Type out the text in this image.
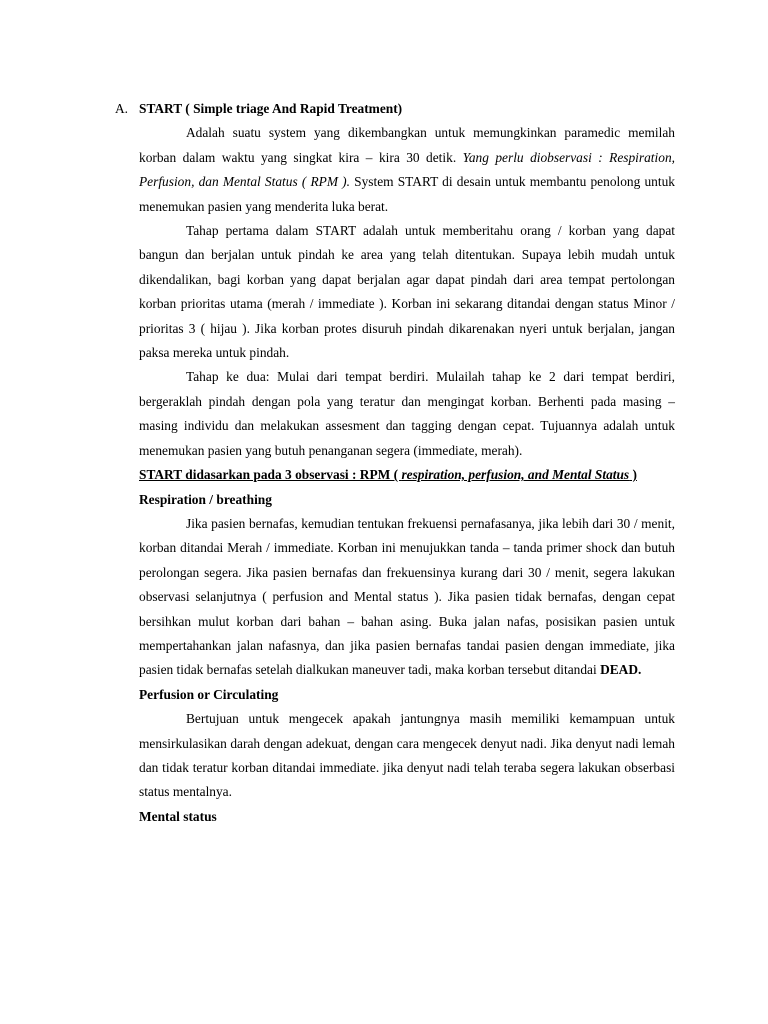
A. START ( Simple triage And Rapid Treatment)

Adalah suatu system yang dikembangkan untuk memungkinkan paramedic memilah korban dalam waktu yang singkat kira – kira 30 detik. Yang perlu diobservasi : Respiration, Perfusion, dan Mental Status ( RPM ). System START di desain untuk membantu penolong untuk menemukan pasien yang menderita luka berat.

Tahap pertama dalam START adalah untuk memberitahu orang / korban yang dapat bangun dan berjalan untuk pindah ke area yang telah ditentukan. Supaya lebih mudah untuk dikendalikan, bagi korban yang dapat berjalan agar dapat pindah dari area tempat pertolongan korban prioritas utama (merah / immediate ). Korban ini sekarang ditandai dengan status Minor / prioritas 3 ( hijau ). Jika korban protes disuruh pindah dikarenakan nyeri untuk berjalan, jangan paksa mereka untuk pindah.

Tahap ke dua: Mulai dari tempat berdiri. Mulailah tahap ke 2 dari tempat berdiri, bergeraklah pindah dengan pola yang teratur dan mengingat korban. Berhenti pada masing – masing individu dan melakukan assesment dan tagging dengan cepat. Tujuannya adalah untuk menemukan pasien yang butuh penanganan segera (immediate, merah).

START didasarkan pada 3 observasi : RPM ( respiration, perfusion, and Mental Status )

Respiration / breathing

Jika pasien bernafas, kemudian tentukan frekuensi pernafasanya, jika lebih dari 30 / menit, korban ditandai Merah / immediate. Korban ini menujukkan tanda – tanda primer shock dan butuh perolongan segera. Jika pasien bernafas dan frekuensinya kurang dari 30 / menit, segera lakukan observasi selanjutnya ( perfusion and Mental status ). Jika pasien tidak bernafas, dengan cepat bersihkan mulut korban dari bahan – bahan asing. Buka jalan nafas, posisikan pasien untuk mempertahankan jalan nafasnya, dan jika pasien bernafas tandai pasien dengan immediate, jika pasien tidak bernafas setelah dialkukan maneuver tadi, maka korban tersebut ditandai DEAD.

Perfusion or Circulating

Bertujuan untuk mengecek apakah jantungnya masih memiliki kemampuan untuk mensirkulasikan darah dengan adekuat, dengan cara mengecek denyut nadi. Jika denyut nadi lemah dan tidak teratur korban ditandai immediate. jika denyut nadi telah teraba segera lakukan obserbasi status mentalnya.

Mental status
